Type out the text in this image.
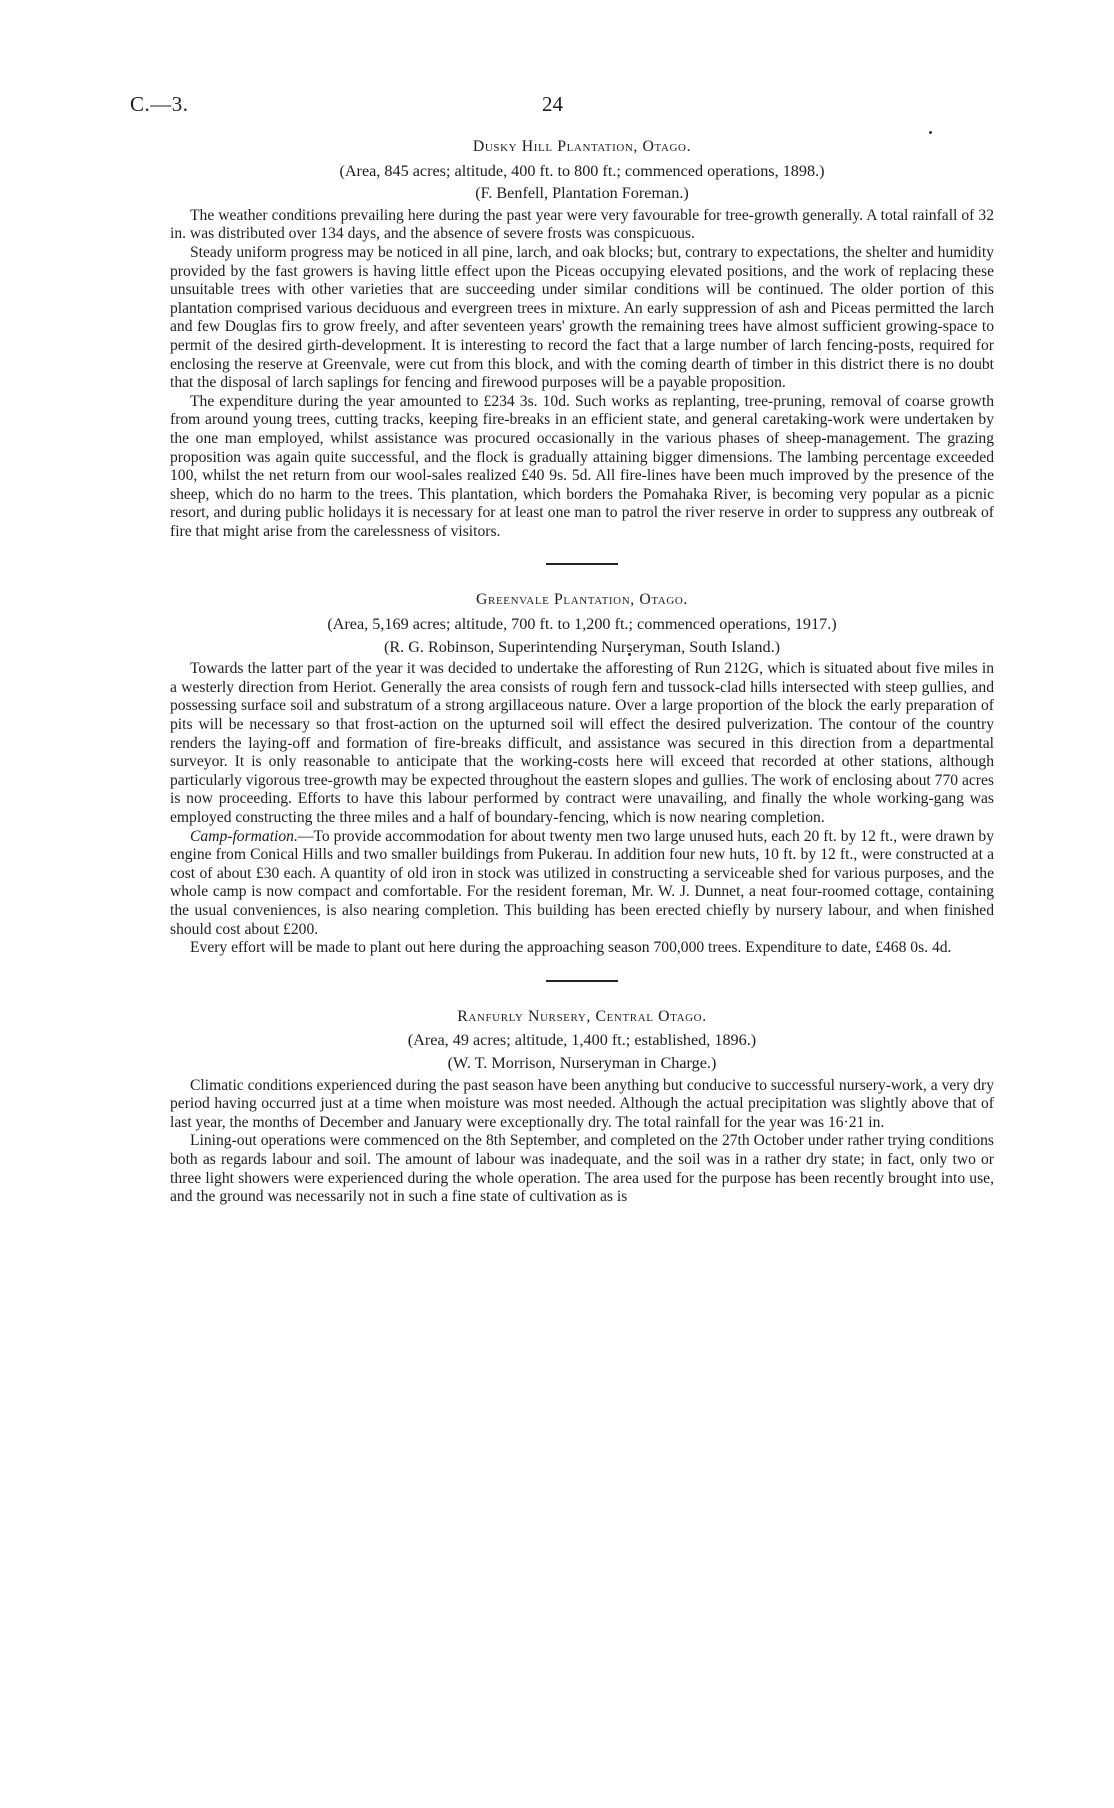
C.—3.	24
Dusky Hill Plantation, Otago.
(Area, 845 acres; altitude, 400 ft. to 800 ft.; commenced operations, 1898.)
(F. Benfell, Plantation Foreman.)

The weather conditions prevailing here during the past year were very favourable for tree-growth generally. A total rainfall of 32 in. was distributed over 134 days, and the absence of severe frosts was conspicuous.

Steady uniform progress may be noticed in all pine, larch, and oak blocks; but, contrary to expectations, the shelter and humidity provided by the fast growers is having little effect upon the Piceas occupying elevated positions, and the work of replacing these unsuitable trees with other varieties that are succeeding under similar conditions will be continued. The older portion of this plantation comprised various deciduous and evergreen trees in mixture. An early suppression of ash and Piceas permitted the larch and few Douglas firs to grow freely, and after seventeen years' growth the remaining trees have almost sufficient growing-space to permit of the desired girth-development. It is interesting to record the fact that a large number of larch fencing-posts, required for enclosing the reserve at Greenvale, were cut from this block, and with the coming dearth of timber in this district there is no doubt that the disposal of larch saplings for fencing and firewood purposes will be a payable proposition.

The expenditure during the year amounted to £234 3s. 10d. Such works as replanting, tree-pruning, removal of coarse growth from around young trees, cutting tracks, keeping fire-breaks in an efficient state, and general caretaking-work were undertaken by the one man employed, whilst assistance was procured occasionally in the various phases of sheep-management. The grazing proposition was again quite successful, and the flock is gradually attaining bigger dimensions. The lambing percentage exceeded 100, whilst the net return from our wool-sales realized £40 9s. 5d. All fire-lines have been much improved by the presence of the sheep, which do no harm to the trees. This plantation, which borders the Pomahaka River, is becoming very popular as a picnic resort, and during public holidays it is necessary for at least one man to patrol the river reserve in order to suppress any outbreak of fire that might arise from the carelessness of visitors.

Greenvale Plantation, Otago.
(Area, 5,169 acres; altitude, 700 ft. to 1,200 ft.; commenced operations, 1917.)
(R. G. Robinson, Superintending Nurseryman, South Island.)

Towards the latter part of the year it was decided to undertake the afforesting of Run 212G, which is situated about five miles in a westerly direction from Heriot. Generally the area consists of rough fern and tussock-clad hills intersected with steep gullies, and possessing surface soil and substratum of a strong argillaceous nature. Over a large proportion of the block the early preparation of pits will be necessary so that frost-action on the upturned soil will effect the desired pulverization. The contour of the country renders the laying-off and formation of fire-breaks difficult, and assistance was secured in this direction from a departmental surveyor. It is only reasonable to anticipate that the working-costs here will exceed that recorded at other stations, although particularly vigorous tree-growth may be expected throughout the eastern slopes and gullies. The work of enclosing about 770 acres is now proceeding. Efforts to have this labour performed by contract were unavailing, and finally the whole working-gang was employed constructing the three miles and a half of boundary-fencing, which is now nearing completion.

Camp-formation.—To provide accommodation for about twenty men two large unused huts, each 20 ft. by 12 ft., were drawn by engine from Conical Hills and two smaller buildings from Pukerau. In addition four new huts, 10 ft. by 12 ft., were constructed at a cost of about £30 each. A quantity of old iron in stock was utilized in constructing a serviceable shed for various purposes, and the whole camp is now compact and comfortable. For the resident foreman, Mr. W. J. Dunnet, a neat four-roomed cottage, containing the usual conveniences, is also nearing completion. This building has been erected chiefly by nursery labour, and when finished should cost about £200.

Every effort will be made to plant out here during the approaching season 700,000 trees. Expenditure to date, £468 0s. 4d.

Ranfurly Nursery, Central Otago.
(Area, 49 acres; altitude, 1,400 ft.; established, 1896.)
(W. T. Morrison, Nurseryman in Charge.)

Climatic conditions experienced during the past season have been anything but conducive to successful nursery-work, a very dry period having occurred just at a time when moisture was most needed. Although the actual precipitation was slightly above that of last year, the months of December and January were exceptionally dry. The total rainfall for the year was 16·21 in.

Lining-out operations were commenced on the 8th September, and completed on the 27th October under rather trying conditions both as regards labour and soil. The amount of labour was inadequate, and the soil was in a rather dry state; in fact, only two or three light showers were experienced during the whole operation. The area used for the purpose has been recently brought into use, and the ground was necessarily not in such a fine state of cultivation as is
